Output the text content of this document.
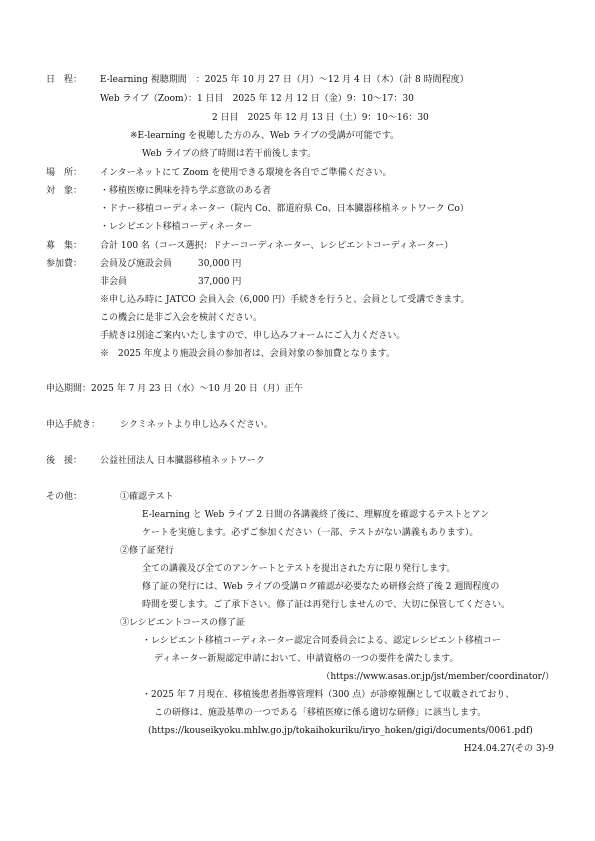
日　程： E-learning 視聴期間　：2025 年 10 月 27 日（月）〜12 月 4 日（木）（計 8 時間程度）
Web ライブ（Zoom）：1 日目　2025 年 12 月 12 日（金）9：10〜17：30
2 日目　2025 年 12 月 13 日（土）9：10〜16：30
※E-learning を視聴した方のみ、Web ライブの受講が可能です。
Web ライブの終了時間は若干前後します。
場　所： インターネットにて Zoom を使用できる環境を各自でご準備ください。
対　象： ・移植医療に興味を持ち学ぶ意欲のある者
・ドナー移植コーディネーター（院内 Co、都道府県 Co、日本臓器移植ネットワーク Co）
・レシピエント移植コーディネーター
募　集： 合計 100 名（コース選択：ドナーコーディネーター、レシピエントコーディネーター）
参加費： 会員及び施設会員	30,000 円
非会員	37,000 円
※申し込み時に JATCO 会員入会（6,000 円）手続きを行うと、会員として受講できます。
この機会に是非ご入会を検討ください。
手続きは別途ご案内いたしますので、申し込みフォームにご入力ください。
※　2025 年度より施設会員の参加者は、会員対象の参加費となります。
申込期間：2025 年 7 月 23 日（水）〜10 月 20 日（月）正午
申込手続き： シクミネットより申し込みください。
後　援： 公益社団法人 日本臓器移植ネットワーク
その他：	①確認テスト
E-learning と Web ライブ 2 日間の各講義終了後に、理解度を確認するテストとアン
ケートを実施します。必ずご参加ください（一部、テストがない講義もあります）。
②修了証発行
全ての講義及び全てのアンケートとテストを提出された方に限り発行します。
修了証の発行には、Web ライブの受講ログ確認が必要なため研修会終了後 2 週間程度の
時間を要します。ご了承下さい。修了証は再発行しませんので、大切に保管してください。
③レシピエントコースの修了証
・レシピエント移植コーディネーター認定合同委員会による、認定レシピエント移植コー
ディネーター新規認定申請において、申請資格の一つの要件を満たします。
（https://www.asas.or.jp/jst/member/coordinator/）
・2025 年 7 月現在、移植後患者指導管理料（300 点）が診療報酬として収載されており、
この研修は、施設基準の一つである「移植医療に係る適切な研修」に該当します。
(https://kouseikyoku.mhlw.go.jp/tokaihokuriku/iryo_hoken/gigi/documents/0061.pdf)
H24.04.27(その 3)-9
